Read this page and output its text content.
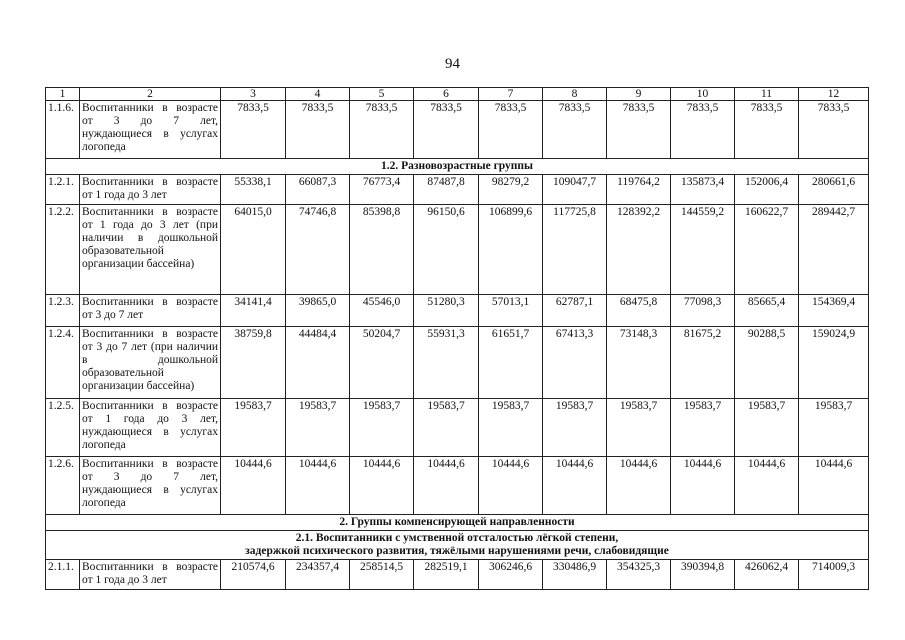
94
1	2	3	4	5	6	7	8	9	10	11	12
1.1.6.	Воспитанники в возрасте от 3 до 7 лет, нуждающиеся в услугах логопеда	7833,5	7833,5	7833,5	7833,5	7833,5	7833,5	7833,5	7833,5	7833,5	7833,5

1.2. Разновозрастные группы											

1.2.1.	Воспитанники в возрасте от 1 года до 3 лет	55338,1	66087,3	76773,4	87487,8	98279,2	109047,7	119764,2	135873,4	152006,4	280661,6
1.2.2.	Воспитанники в возрасте от 1 года до 3 лет (при наличии в дошкольной образовательной организации бассейна)	64015,0	74746,8	85398,8	96150,6	106899,6	117725,8	128392,2	144559,2	160622,7	289442,7
1.2.3.	Воспитанники в возрасте от 3 до 7 лет	34141,4	39865,0	45546,0	51280,3	57013,1	62787,1	68475,8	77098,3	85665,4	154369,4
1.2.4.	Воспитанники в возрасте от 3 до 7 лет (при наличии в дошкольной образовательной организации бассейна)	38759,8	44484,4	50204,7	55931,3	61651,7	67413,3	73148,3	81675,2	90288,5	159024,9
1.2.5.	Воспитанники в возрасте от 1 года до 3 лет, нуждающиеся в услугах логопеда	19583,7	19583,7	19583,7	19583,7	19583,7	19583,7	19583,7	19583,7	19583,7	19583,7
1.2.6.	Воспитанники в возрасте от 3 до 7 лет, нуждающиеся в услугах логопеда	10444,6	10444,6	10444,6	10444,6	10444,6	10444,6	10444,6	10444,6	10444,6	10444,6

2. Группы компенсирующей направленности											

2.1. Воспитанники с умственной отсталостью лёгкой степени,
задержкой психического развития, тяжёлыми нарушениями речи, слабовидящие											

2.1.1.	Воспитанники в возрасте от 1 года до 3 лет	210574,6	234357,4	258514,5	282519,1	306246,6	330486,9	354325,3	390394,8	426062,4	714009,3
